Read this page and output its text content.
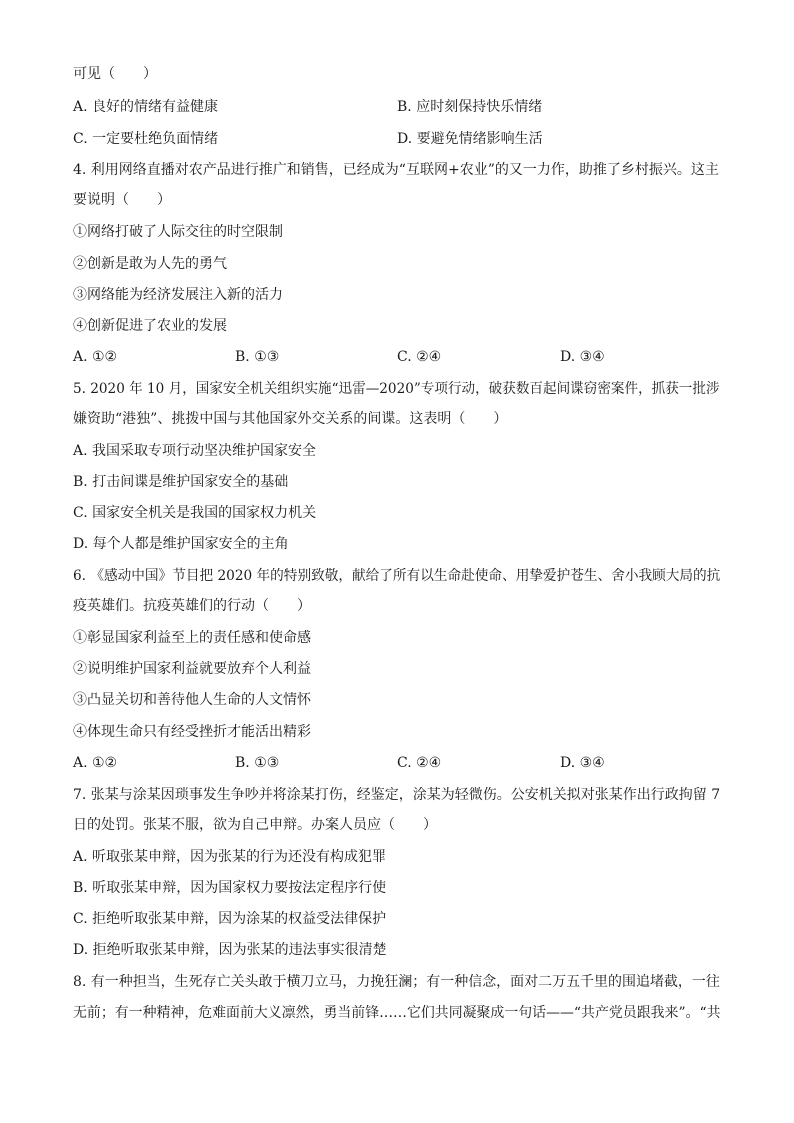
可见（　　）
A. 良好的情绪有益健康	B. 应时刻保持快乐情绪
C. 一定要杜绝负面情绪	D. 要避免情绪影响生活
4. 利用网络直播对农产品进行推广和销售，已经成为“互联网+农业”的又一力作，助推了乡村振兴。这主
要说明（　　）
①网络打破了人际交往的时空限制
②创新是敢为人先的勇气
③网络能为经济发展注入新的活力
④创新促进了农业的发展
A. ①②	B. ①③	C. ②④	D. ③④
5. 2020 年 10 月，国家安全机关组织实施“迅雷—2020”专项行动，破获数百起间谍窃密案件，抓获一批涉
嫌资助“港独”、挑拨中国与其他国家外交关系的间谍。这表明（　　）
A. 我国采取专项行动坚决维护国家安全
B. 打击间谍是维护国家安全的基础
C. 国家安全机关是我国的国家权力机关
D. 每个人都是维护国家安全的主角
6. 《感动中国》节目把 2020 年的特别致敬，献给了所有以生命赴使命、用挚爱护苍生、舍小我顾大局的抗
疫英雄们。抗疫英雄们的行动（　　）
①彰显国家利益至上的责任感和使命感
②说明维护国家利益就要放弃个人利益
③凸显关切和善待他人生命的人文情怀
④体现生命只有经受挫折才能活出精彩
A. ①②	B. ①③	C. ②④	D. ③④
7. 张某与涂某因琐事发生争吵并将涂某打伤，经鉴定，涂某为轻微伤。公安机关拟对张某作出行政拘留 7
日的处罚。张某不服，欲为自己申辩。办案人员应（　　）
A. 听取张某申辩，因为张某的行为还没有构成犯罪
B. 听取张某申辩，因为国家权力要按法定程序行使
C. 拒绝听取张某申辩，因为涂某的权益受法律保护
D. 拒绝听取张某申辩，因为张某的违法事实很清楚
8. 有一种担当，生死存亡关头敢于横刀立马，力挽狂澜；有一种信念，面对二万五千里的围追堵截，一往
无前；有一种精神，危难面前大义凛然，勇当前锋……它们共同凝聚成一句话——“共产党员跟我来”。“共
